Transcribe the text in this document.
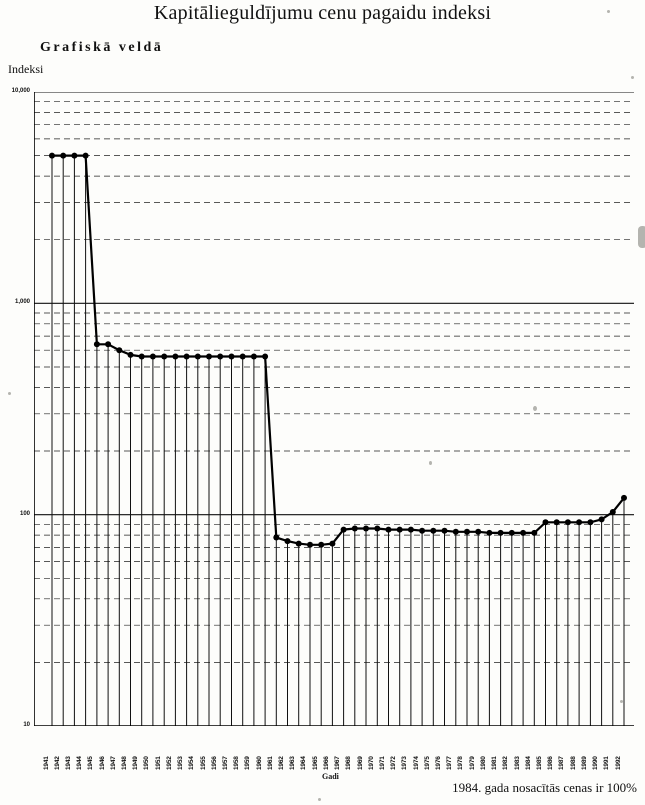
Kapitālieguldījumu cenu pagaidu indeksi
Grafiskā veldā
Indeksi
10
100
1,000
10,000
1941 1942 1943 1944 1945 1946 1947 1948 1949 1950 1951 1952 1953 1954 1955 1956 1957 1958 1959 1960 1961 1962 1963 1964 1965 1966 1967 1968 1969 1970 1971 1972 1973 1974 1975 1976 1977 1978 1979 1980 1981 1982 1983 1984 1985 1986 1987 1988 1989 1990 1991 1992
Gadi
1984. gada nosacītās cenas ir 100%
